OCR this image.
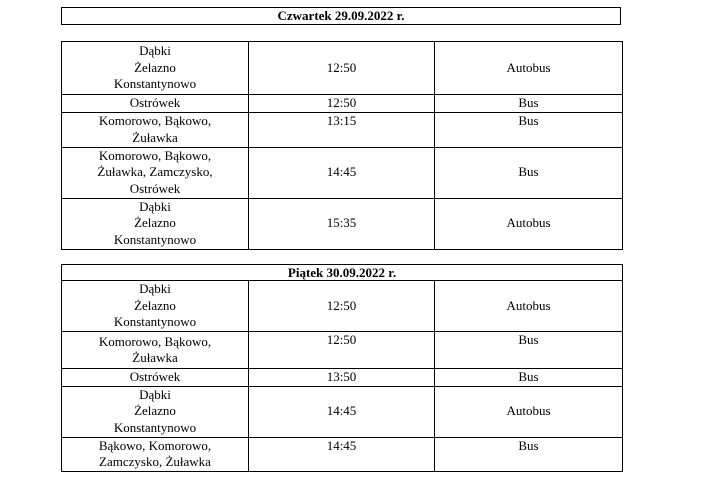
Czwartek 29.09.2022 r.
Dąbki
Żelazno
Konstantynowo	12:50	Autobus
Ostrówek	12:50	Bus
Komorowo, Bąkowo,
Żuławka	13:15	Bus
Komorowo, Bąkowo,
Żuławka, Zamczysko,
Ostrówek	14:45	Bus
Dąbki
Żelazno
Konstantynowo	15:35	Autobus
Piątek 30.09.2022 r.		
Dąbki
Żelazno
Konstantynowo	12:50	Autobus
Komorowo, Bąkowo,
Żuławka	12:50	Bus
Ostrówek	13:50	Bus
Dąbki
Żelazno
Konstantynowo	14:45	Autobus
Bąkowo, Komorowo,
Zamczysko, Żuławka	14:45	Bus
